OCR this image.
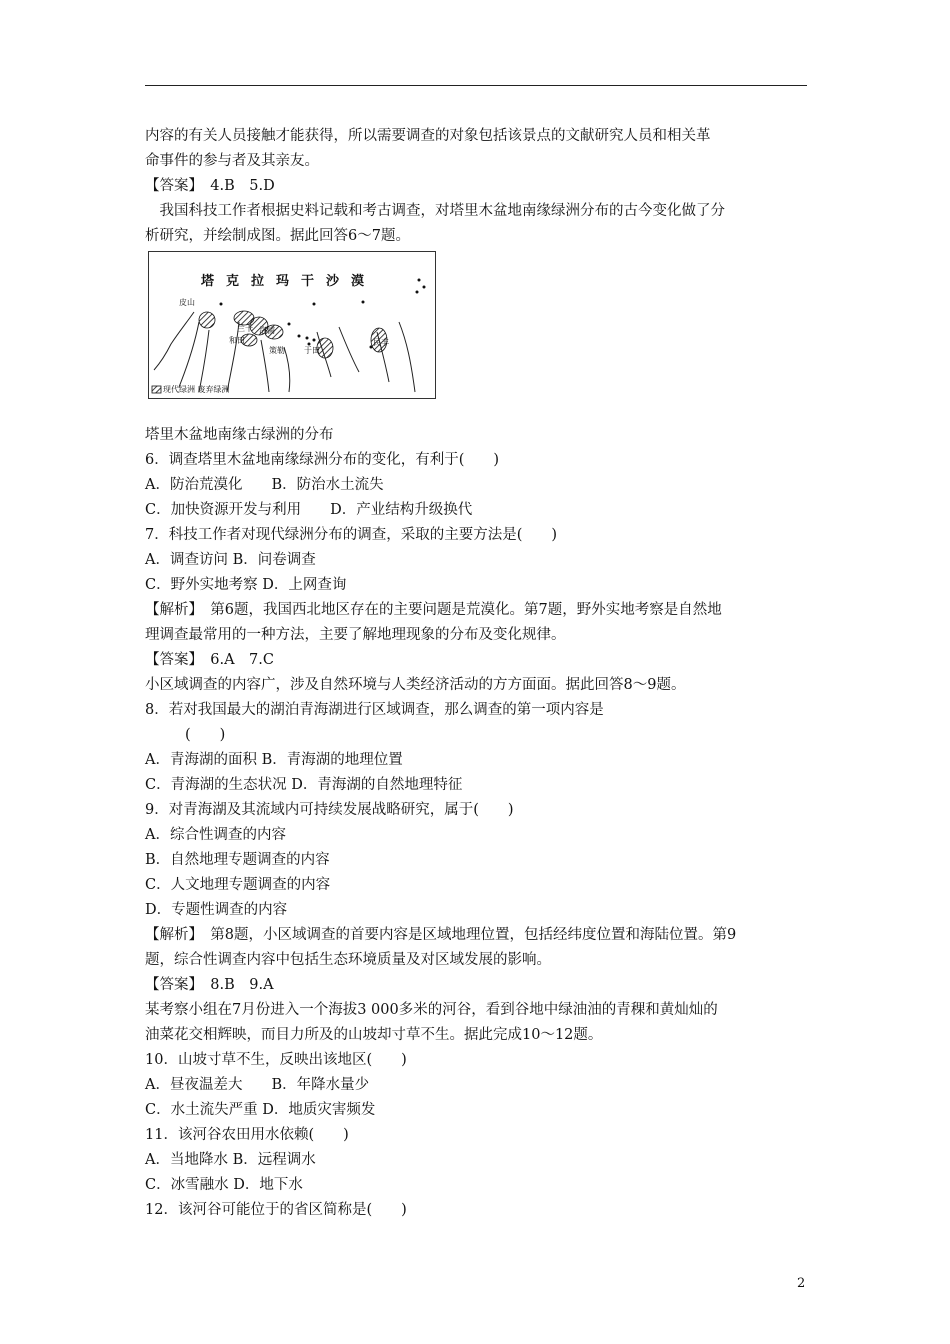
内容的有关人员接触才能获得，所以需要调查的对象包括该景点的文献研究人员和相关革
命事件的参与者及其亲友。
【答案】　4.B　5.D
　我国科技工作者根据史料记载和考古调查，对塔里木盆地南缘绿洲分布的古今变化做了分
析研究，并绘制成图。据此回答6～7题。
塔克拉玛干沙漠
皮山
兰干
和田
洛浦
策勒 于田
民丰
现代绿洲 废弃绿洲
塔里木盆地南缘古绿洲的分布
6．调查塔里木盆地南缘绿洲分布的变化，有利于(　　)
A．防治荒漠化　　B．防治水土流失
C．加快资源开发与利用　　D．产业结构升级换代
7．科技工作者对现代绿洲分布的调查，采取的主要方法是(　　)
A．调查访问 B．问卷调查
C．野外实地考察 D．上网查询
【解析】　第6题，我国西北地区存在的主要问题是荒漠化。第7题，野外实地考察是自然地
理调查最常用的一种方法，主要了解地理现象的分布及变化规律。
【答案】　6.A　7.C
小区域调查的内容广，涉及自然环境与人类经济活动的方方面面。据此回答8～9题。
8．若对我国最大的湖泊青海湖进行区域调查，那么调查的第一项内容是
(　　)
A．青海湖的面积 B．青海湖的地理位置
C．青海湖的生态状况 D．青海湖的自然地理特征
9．对青海湖及其流域内可持续发展战略研究，属于(　　)
A．综合性调查的内容
B．自然地理专题调查的内容
C．人文地理专题调查的内容
D．专题性调查的内容
【解析】　第8题，小区域调查的首要内容是区域地理位置，包括经纬度位置和海陆位置。第9
题，综合性调查内容中包括生态环境质量及对区域发展的影响。
【答案】　8.B　9.A
某考察小组在7月份进入一个海拔3 000多米的河谷，看到谷地中绿油油的青稞和黄灿灿的
油菜花交相辉映，而目力所及的山坡却寸草不生。据此完成10～12题。
10．山坡寸草不生，反映出该地区(　　)
A．昼夜温差大　　B．年降水量少
C．水土流失严重 D．地质灾害频发
11．该河谷农田用水依赖(　　)
A．当地降水 B．远程调水
C．冰雪融水 D．地下水
12．该河谷可能位于的省区简称是(　　)
2
